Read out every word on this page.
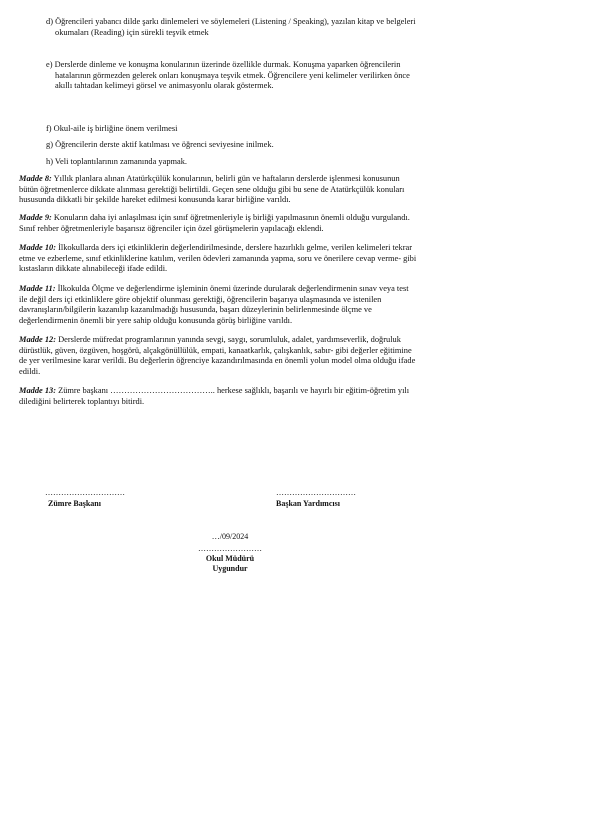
d) Öğrencileri yabancı dilde şarkı dinlemeleri ve söylemeleri (Listening / Speaking), yazılan kitap ve belgeleri
okumaları (Reading) için sürekli teşvik etmek
e) Derslerde dinleme ve konuşma konularının üzerinde özellikle durmak. Konuşma yaparken öğrencilerin
hatalarının görmezden gelerek onları konuşmaya teşvik etmek. Öğrencilere yeni kelimeler verilirken önce
akıllı tahtadan kelimeyi görsel ve animasyonlu olarak göstermek.
f) Okul-aile iş birliğine önem verilmesi
g) Öğrencilerin derste aktif katılması ve öğrenci seviyesine inilmek.
h) Veli toplantılarının zamanında yapmak.
Madde 8: Yıllık planlara alınan Atatürkçülük konularının, belirli gün ve haftaların derslerde işlenmesi konusunun bütün öğretmenlerce dikkate alınması gerektiği belirtildi. Geçen sene olduğu gibi bu sene de Atatürkçülük konuları hususunda dikkatli bir şekilde hareket edilmesi konusunda karar birliğine varıldı.
Madde 9: Konuların daha iyi anlaşılması için sınıf öğretmenleriyle iş birliği yapılmasının önemli olduğu vurgulandı. Sınıf rehber öğretmenleriyle başarısız öğrenciler için özel görüşmelerin yapılacağı eklendi.
Madde 10: İlkokullarda ders içi etkinliklerin değerlendirilmesinde, derslere hazırlıklı gelme, verilen kelimeleri tekrar etme ve ezberleme, sınıf etkinliklerine katılım, verilen ödevleri zamanında yapma, soru ve önerilere cevap verme- gibi kıstasların dikkate alınabileceği ifade edildi.
Madde 11: İlkokulda Ölçme ve değerlendirme işleminin önemi üzerinde durularak değerlendirmenin sınav veya test ile değil ders içi etkinliklere göre objektif olunması gerektiği, öğrencilerin başarıya ulaşmasında ve istenilen davranışların/bilgilerin kazanılıp kazanılmadığı hususunda, başarı düzeylerinin belirlenmesinde ölçme ve değerlendirmenin önemli bir yere sahip olduğu konusunda görüş birliğine varıldı.
Madde 12: Derslerde müfredat programlarının yanında sevgi, saygı, sorumluluk, adalet, yardımseverlik, doğruluk dürüstlük, güven, özgüven, hoşgörü, alçakgönüllülük, empati, kanaatkarlık, çalışkanlık, sabır- gibi değerler eğitimine de yer verilmesine karar verildi. Bu değerlerin öğrenciye kazandırılmasında en önemli yolun model olma olduğu ifade edildi.
Madde 13: Zümre başkanı ……………………………….. herkese sağlıklı, başarılı ve hayırlı bir eğitim-öğretim yılı dilediğini belirterek toplantıyı bitirdi.
…………………………
Zümre Başkanı
…………………………
Başkan Yardımcısı
…/09/2024
……………………
Okul Müdürü
Uygundur
